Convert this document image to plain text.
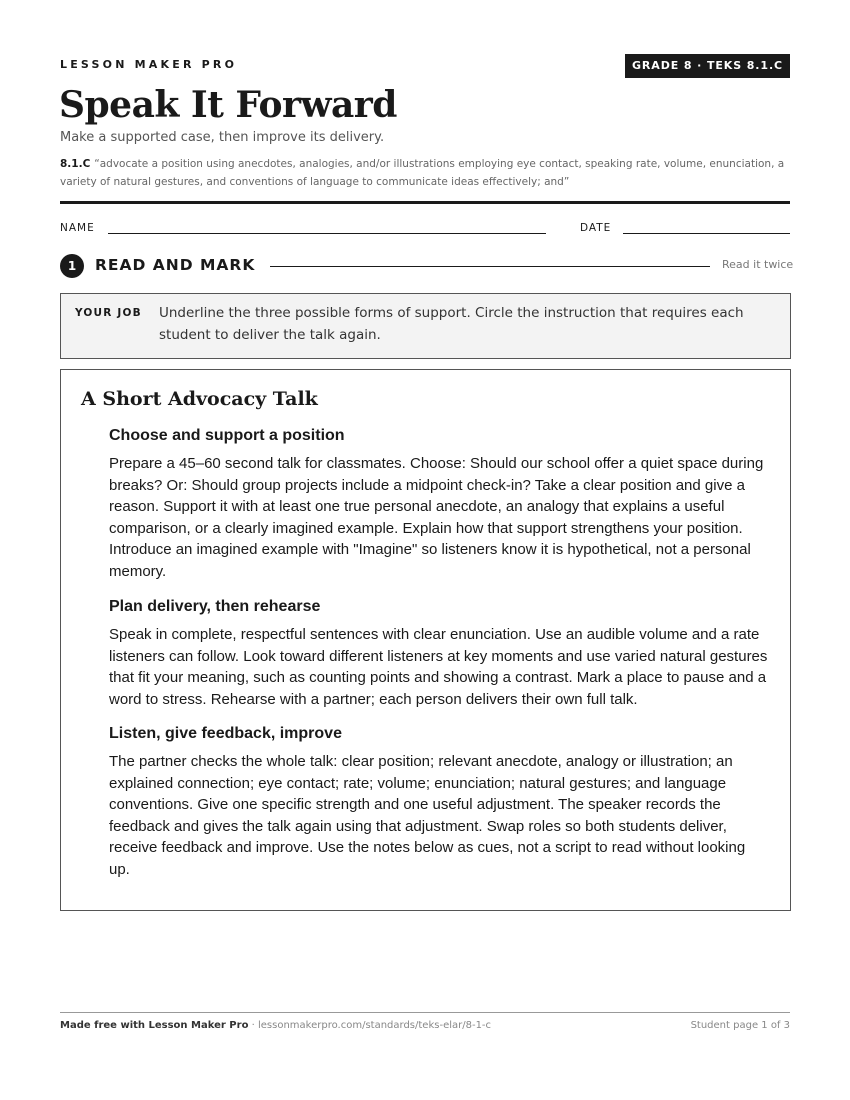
LESSON MAKER PRO	GRADE 8 · TEKS 8.1.C
Speak It Forward
Make a supported case, then improve its delivery.
8.1.C “advocate a position using anecdotes, analogies, and/or illustrations employing eye contact, speaking rate, volume, enunciation, a variety of natural gestures, and conventions of language to communicate ideas effectively; and”
NAME	DATE
1	READ AND MARK	Read it twice
YOUR JOB Underline the three possible forms of support. Circle the instruction that requires each student to deliver the talk again.
A Short Advocacy Talk
Choose and support a position

Prepare a 45–60 second talk for classmates. Choose: Should our school offer a quiet space during breaks? Or: Should group projects include a midpoint check-in? Take a clear position and give a reason. Support it with at least one true personal anecdote, an analogy that explains a useful comparison, or a clearly imagined example. Explain how that support strengthens your position. Introduce an imagined example with "Imagine" so listeners know it is hypothetical, not a personal memory.

Plan delivery, then rehearse

Speak in complete, respectful sentences with clear enunciation. Use an audible volume and a rate listeners can follow. Look toward different listeners at key moments and use varied natural gestures that fit your meaning, such as counting points and showing a contrast. Mark a place to pause and a word to stress. Rehearse with a partner; each person delivers their own full talk.

Listen, give feedback, improve

The partner checks the whole talk: clear position; relevant anecdote, analogy or illustration; an explained connection; eye contact; rate; volume; enunciation; natural gestures; and language conventions. Give one specific strength and one useful adjustment. The speaker records the feedback and gives the talk again using that adjustment. Swap roles so both students deliver, receive feedback and improve. Use the notes below as cues, not a script to read without looking up.

Made free with Lesson Maker Pro · lessonmakerpro.com/standards/teks-elar/8-1-c	Student page 1 of 3
